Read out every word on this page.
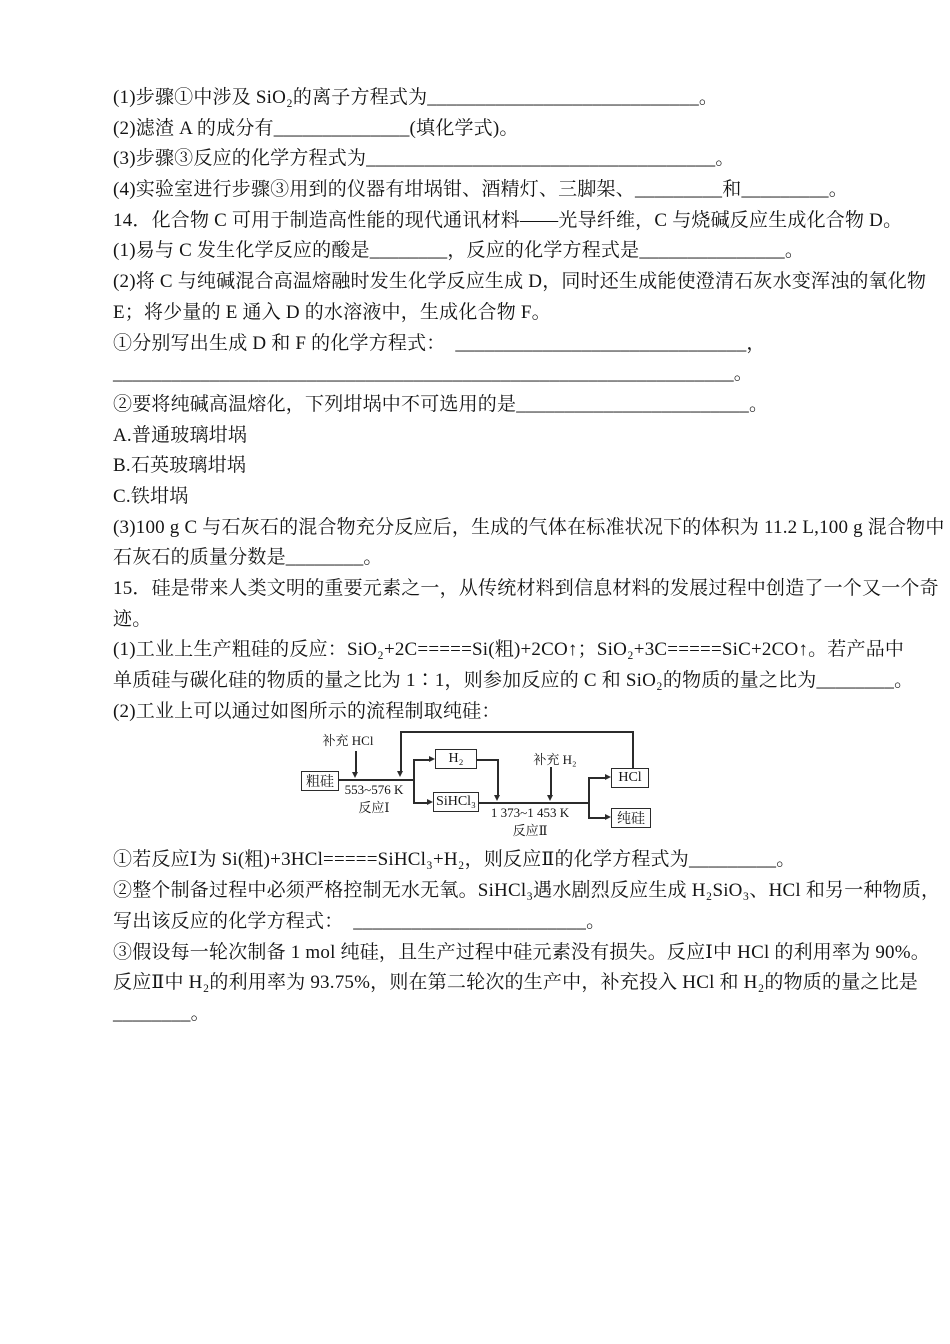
(1)步骤①中涉及 SiO₂的离子方程式为____________________________。
(2)滤渣 A 的成分有______________(填化学式)。
(3)步骤③反应的化学方程式为____________________________________。
(4)实验室进行步骤③用到的仪器有坩埚钳、酒精灯、三脚架、_________和_________。
14．化合物 C 可用于制造高性能的现代通讯材料——光导纤维，C 与烧碱反应生成化合物 D。
(1)易与 C 发生化学反应的酸是________，反应的化学方程式是_______________。
(2)将 C 与纯碱混合高温熔融时发生化学反应生成 D，同时还生成能使澄清石灰水变浑浊的氧化物
E；将少量的 E 通入 D 的水溶液中，生成化合物 F。
①分别写出生成 D 和 F 的化学方程式：  ______________________________，
________________________________________________________________。
②要将纯碱高温熔化，下列坩埚中不可选用的是________________________。
A.普通玻璃坩埚
B.石英玻璃坩埚
C.铁坩埚
(3)100 g C 与石灰石的混合物充分反应后，生成的气体在标准状况下的体积为 11.2 L,100 g 混合物中
石灰石的质量分数是________。
15．硅是带来人类文明的重要元素之一，从传统材料到信息材料的发展过程中创造了一个又一个奇
迹。
(1)工业上生产粗硅的反应：SiO₂+2C=====Si(粗)+2CO↑；SiO₂+3C=====SiC+2CO↑。若产品中
单质硅与碳化硅的物质的量之比为 1∶1，则参加反应的 C 和 SiO₂的物质的量之比为________。
(2)工业上可以通过如图所示的流程制取纯硅：
补充 HCl
553~576 K
反应Ⅰ
补充 H₂
1 373~1 453 K
反应Ⅱ
粗硅
H₂
SiHCl₃
HCl
纯硅
①若反应Ⅰ为 Si(粗)+3HCl=====SiHCl₃+H₂，则反应Ⅱ的化学方程式为_________。
②整个制备过程中必须严格控制无水无氧。SiHCl₃遇水剧烈反应生成 H₂SiO₃、HCl 和另一种物质，
写出该反应的化学方程式：  ________________________。
③假设每一轮次制备 1 mol 纯硅，且生产过程中硅元素没有损失。反应Ⅰ中 HCl 的利用率为 90%。
反应Ⅱ中 H₂的利用率为 93.75%，则在第二轮次的生产中，补充投入 HCl 和 H₂的物质的量之比是
________。
